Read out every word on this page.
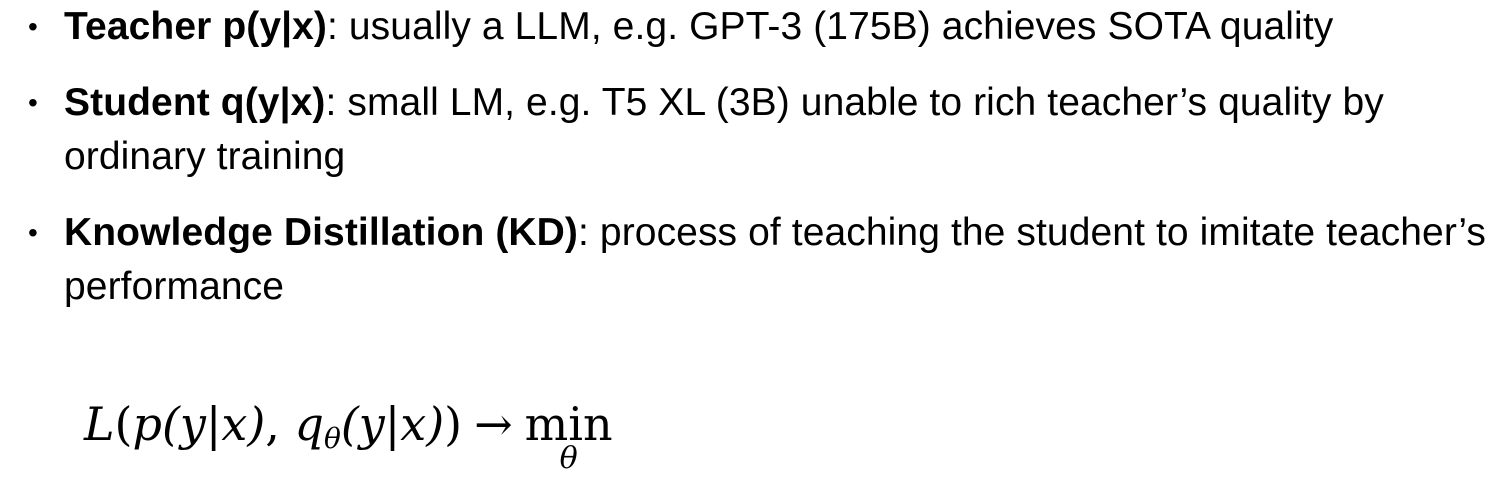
• Teacher p(y|x): usually a LLM, e.g. GPT-3 (175B) achieves SOTA quality
• Student q(y|x): small LM, e.g. T5 XL (3B) unable to rich teacher’s quality by ordinary training
• Knowledge Distillation (KD): process of teaching the student to imitate teacher’s performance
L(p(y|x), qθ(y|x)) → min
θ
